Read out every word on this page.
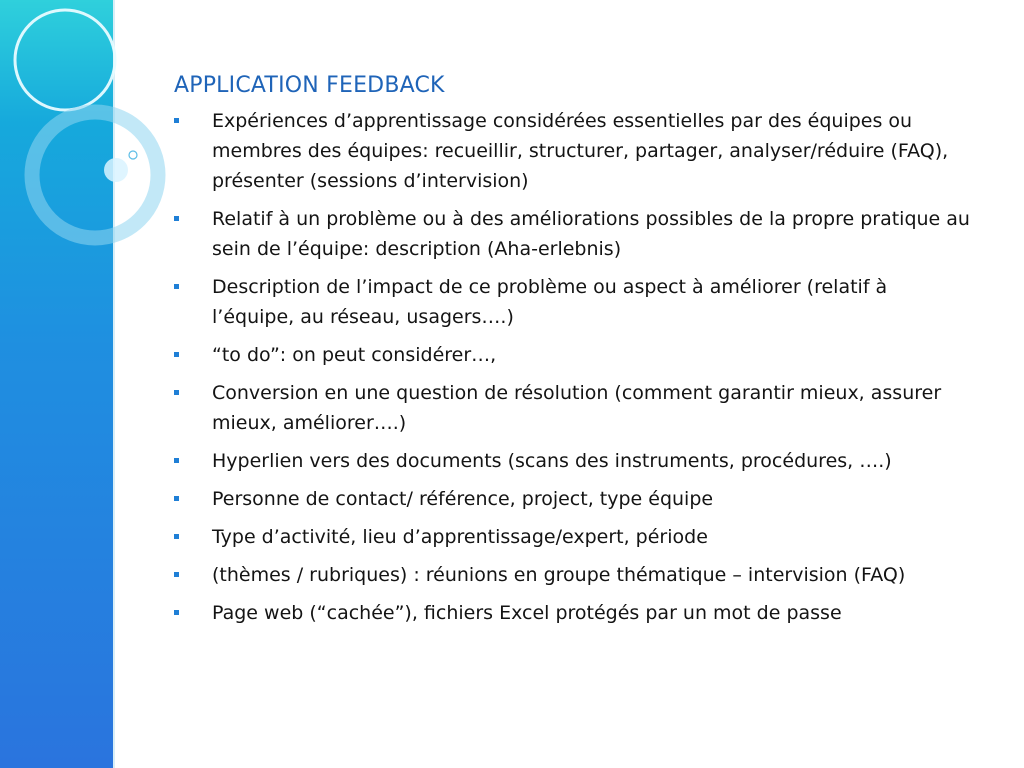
APPLICATION FEEDBACK
Expériences d’apprentissage considérées essentielles par des équipes ou membres des équipes: recueillir, structurer, partager, analyser/réduire (FAQ), présenter (sessions d’intervision)
Relatif à un problème ou à des améliorations possibles de la propre pratique au sein de l’équipe: description (Aha-erlebnis)
Description de l’impact de ce problème ou aspect à améliorer (relatif à l’équipe, au réseau, usagers….)
“to do”: on peut considérer…,
Conversion en une question de résolution (comment garantir mieux, assurer mieux, améliorer….)
Hyperlien vers des documents (scans des instruments, procédures, ….)
Personne de contact/ référence, project, type équipe
Type d’activité, lieu d’apprentissage/expert, période
(thèmes / rubriques) : réunions en groupe thématique – intervision (FAQ)
Page web (“cachée”), fichiers Excel protégés par un mot de passe
